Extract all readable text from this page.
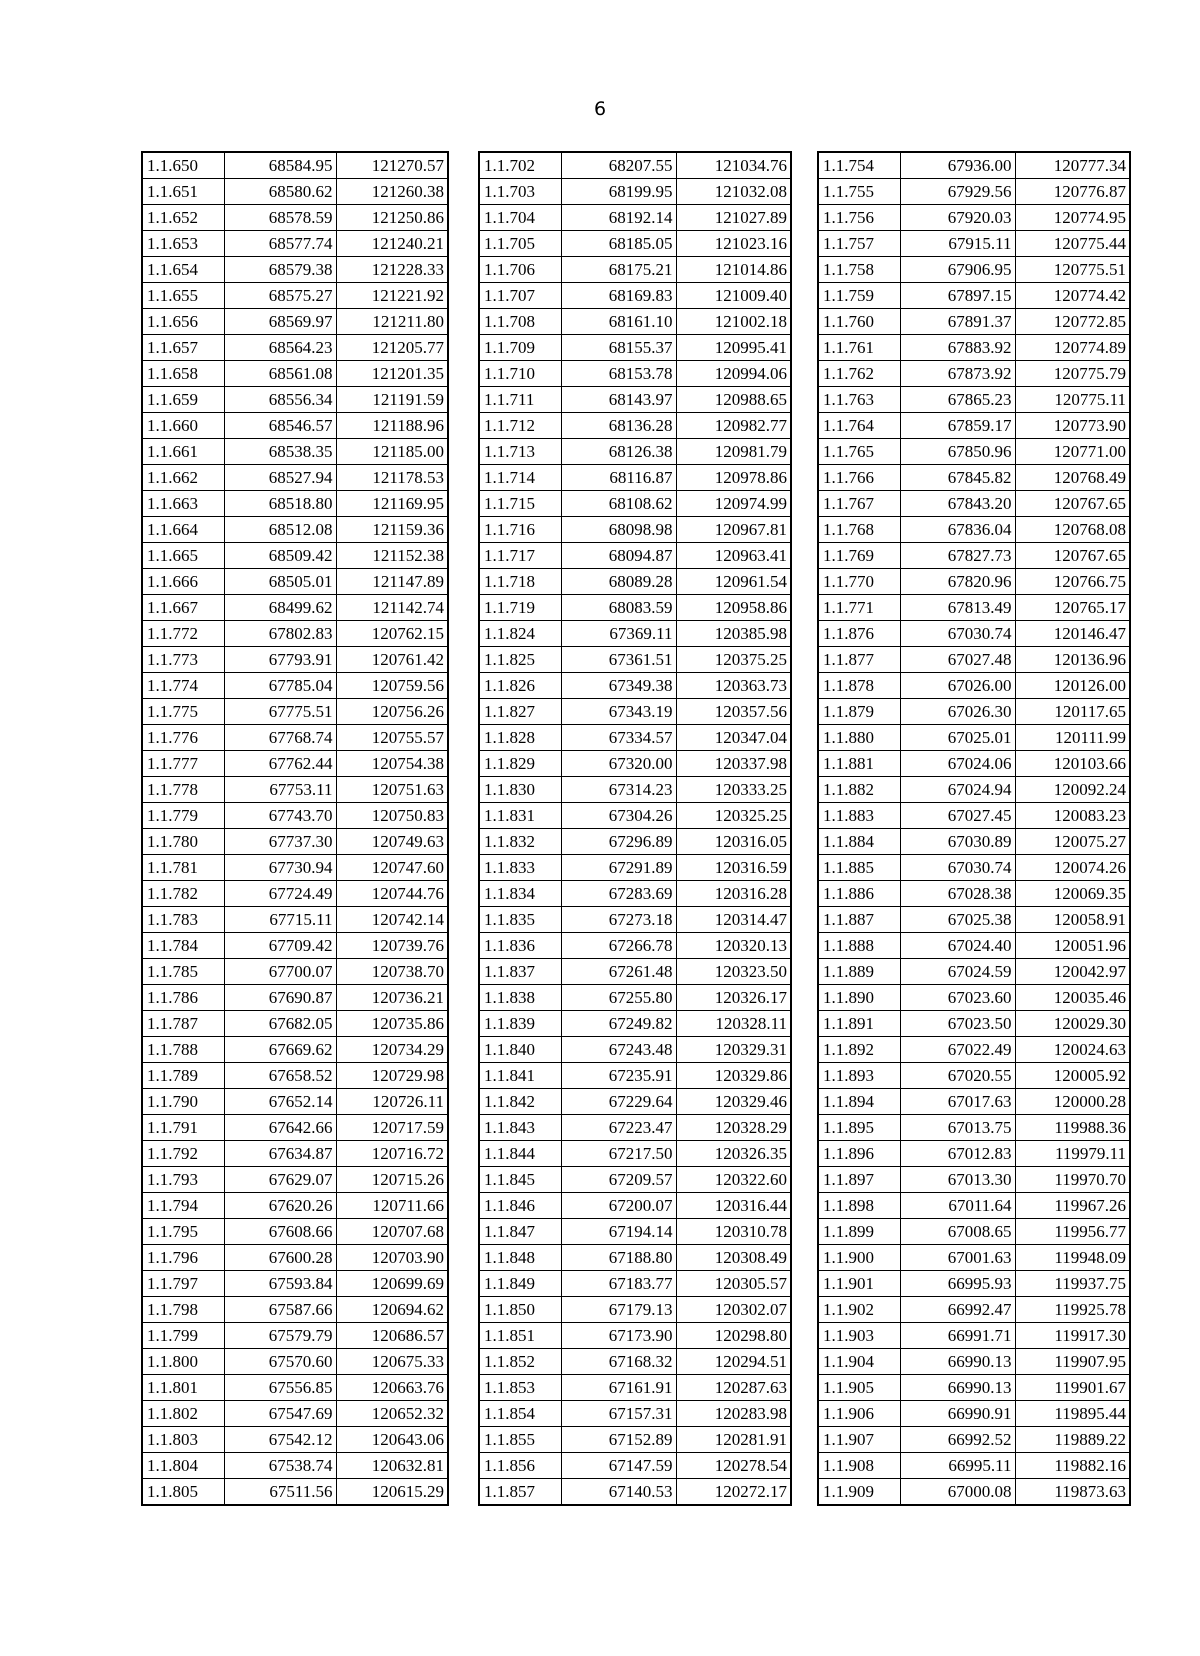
6
1.1.650	68584.95	121270.57
1.1.651	68580.62	121260.38
1.1.652	68578.59	121250.86
1.1.653	68577.74	121240.21
1.1.654	68579.38	121228.33
1.1.655	68575.27	121221.92
1.1.656	68569.97	121211.80
1.1.657	68564.23	121205.77
1.1.658	68561.08	121201.35
1.1.659	68556.34	121191.59
1.1.660	68546.57	121188.96
1.1.661	68538.35	121185.00
1.1.662	68527.94	121178.53
1.1.663	68518.80	121169.95
1.1.664	68512.08	121159.36
1.1.665	68509.42	121152.38
1.1.666	68505.01	121147.89
1.1.667	68499.62	121142.74
1.1.772	67802.83	120762.15
1.1.773	67793.91	120761.42
1.1.774	67785.04	120759.56
1.1.775	67775.51	120756.26
1.1.776	67768.74	120755.57
1.1.777	67762.44	120754.38
1.1.778	67753.11	120751.63
1.1.779	67743.70	120750.83
1.1.780	67737.30	120749.63
1.1.781	67730.94	120747.60
1.1.782	67724.49	120744.76
1.1.783	67715.11	120742.14
1.1.784	67709.42	120739.76
1.1.785	67700.07	120738.70
1.1.786	67690.87	120736.21
1.1.787	67682.05	120735.86
1.1.788	67669.62	120734.29
1.1.789	67658.52	120729.98
1.1.790	67652.14	120726.11
1.1.791	67642.66	120717.59
1.1.792	67634.87	120716.72
1.1.793	67629.07	120715.26
1.1.794	67620.26	120711.66
1.1.795	67608.66	120707.68
1.1.796	67600.28	120703.90
1.1.797	67593.84	120699.69
1.1.798	67587.66	120694.62
1.1.799	67579.79	120686.57
1.1.800	67570.60	120675.33
1.1.801	67556.85	120663.76
1.1.802	67547.69	120652.32
1.1.803	67542.12	120643.06
1.1.804	67538.74	120632.81
1.1.805	67511.56	120615.29
1.1.702	68207.55	121034.76
1.1.703	68199.95	121032.08
1.1.704	68192.14	121027.89
1.1.705	68185.05	121023.16
1.1.706	68175.21	121014.86
1.1.707	68169.83	121009.40
1.1.708	68161.10	121002.18
1.1.709	68155.37	120995.41
1.1.710	68153.78	120994.06
1.1.711	68143.97	120988.65
1.1.712	68136.28	120982.77
1.1.713	68126.38	120981.79
1.1.714	68116.87	120978.86
1.1.715	68108.62	120974.99
1.1.716	68098.98	120967.81
1.1.717	68094.87	120963.41
1.1.718	68089.28	120961.54
1.1.719	68083.59	120958.86
1.1.824	67369.11	120385.98
1.1.825	67361.51	120375.25
1.1.826	67349.38	120363.73
1.1.827	67343.19	120357.56
1.1.828	67334.57	120347.04
1.1.829	67320.00	120337.98
1.1.830	67314.23	120333.25
1.1.831	67304.26	120325.25
1.1.832	67296.89	120316.05
1.1.833	67291.89	120316.59
1.1.834	67283.69	120316.28
1.1.835	67273.18	120314.47
1.1.836	67266.78	120320.13
1.1.837	67261.48	120323.50
1.1.838	67255.80	120326.17
1.1.839	67249.82	120328.11
1.1.840	67243.48	120329.31
1.1.841	67235.91	120329.86
1.1.842	67229.64	120329.46
1.1.843	67223.47	120328.29
1.1.844	67217.50	120326.35
1.1.845	67209.57	120322.60
1.1.846	67200.07	120316.44
1.1.847	67194.14	120310.78
1.1.848	67188.80	120308.49
1.1.849	67183.77	120305.57
1.1.850	67179.13	120302.07
1.1.851	67173.90	120298.80
1.1.852	67168.32	120294.51
1.1.853	67161.91	120287.63
1.1.854	67157.31	120283.98
1.1.855	67152.89	120281.91
1.1.856	67147.59	120278.54
1.1.857	67140.53	120272.17
1.1.754	67936.00	120777.34
1.1.755	67929.56	120776.87
1.1.756	67920.03	120774.95
1.1.757	67915.11	120775.44
1.1.758	67906.95	120775.51
1.1.759	67897.15	120774.42
1.1.760	67891.37	120772.85
1.1.761	67883.92	120774.89
1.1.762	67873.92	120775.79
1.1.763	67865.23	120775.11
1.1.764	67859.17	120773.90
1.1.765	67850.96	120771.00
1.1.766	67845.82	120768.49
1.1.767	67843.20	120767.65
1.1.768	67836.04	120768.08
1.1.769	67827.73	120767.65
1.1.770	67820.96	120766.75
1.1.771	67813.49	120765.17
1.1.876	67030.74	120146.47
1.1.877	67027.48	120136.96
1.1.878	67026.00	120126.00
1.1.879	67026.30	120117.65
1.1.880	67025.01	120111.99
1.1.881	67024.06	120103.66
1.1.882	67024.94	120092.24
1.1.883	67027.45	120083.23
1.1.884	67030.89	120075.27
1.1.885	67030.74	120074.26
1.1.886	67028.38	120069.35
1.1.887	67025.38	120058.91
1.1.888	67024.40	120051.96
1.1.889	67024.59	120042.97
1.1.890	67023.60	120035.46
1.1.891	67023.50	120029.30
1.1.892	67022.49	120024.63
1.1.893	67020.55	120005.92
1.1.894	67017.63	120000.28
1.1.895	67013.75	119988.36
1.1.896	67012.83	119979.11
1.1.897	67013.30	119970.70
1.1.898	67011.64	119967.26
1.1.899	67008.65	119956.77
1.1.900	67001.63	119948.09
1.1.901	66995.93	119937.75
1.1.902	66992.47	119925.78
1.1.903	66991.71	119917.30
1.1.904	66990.13	119907.95
1.1.905	66990.13	119901.67
1.1.906	66990.91	119895.44
1.1.907	66992.52	119889.22
1.1.908	66995.11	119882.16
1.1.909	67000.08	119873.63
